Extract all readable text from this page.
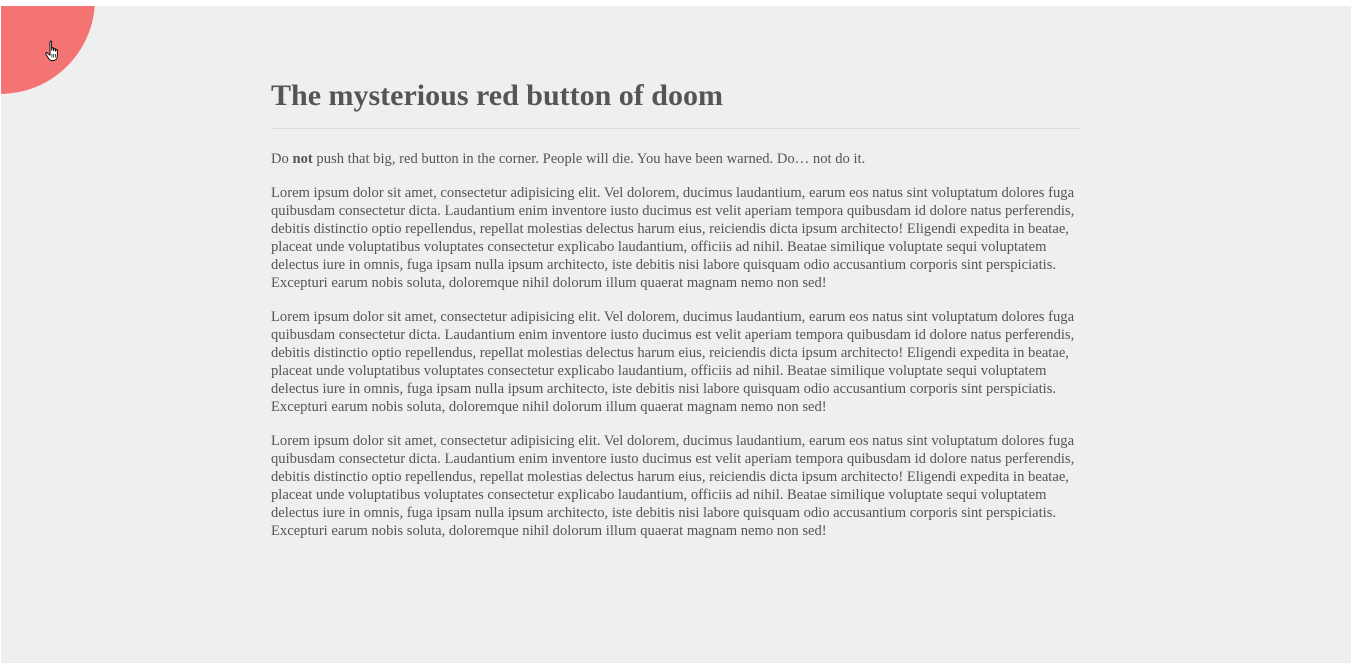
The mysterious red button of doom

Do not push that big, red button in the corner. People will die. You have been warned. Do… not do it.

Lorem ipsum dolor sit amet, consectetur adipisicing elit. Vel dolorem, ducimus laudantium, earum eos natus sint voluptatum dolores fuga quibusdam consectetur dicta. Laudantium enim inventore iusto ducimus est velit aperiam tempora quibusdam id dolore natus perferendis, debitis distinctio optio repellendus, repellat molestias delectus harum eius, reiciendis dicta ipsum architecto! Eligendi expedita in beatae, placeat unde voluptatibus voluptates consectetur explicabo laudantium, officiis ad nihil. Beatae similique voluptate sequi voluptatem delectus iure in omnis, fuga ipsam nulla ipsum architecto, iste debitis nisi labore quisquam odio accusantium corporis sint perspiciatis. Excepturi earum nobis soluta, doloremque nihil dolorum illum quaerat magnam nemo non sed!

Lorem ipsum dolor sit amet, consectetur adipisicing elit. Vel dolorem, ducimus laudantium, earum eos natus sint voluptatum dolores fuga quibusdam consectetur dicta. Laudantium enim inventore iusto ducimus est velit aperiam tempora quibusdam id dolore natus perferendis, debitis distinctio optio repellendus, repellat molestias delectus harum eius, reiciendis dicta ipsum architecto! Eligendi expedita in beatae, placeat unde voluptatibus voluptates consectetur explicabo laudantium, officiis ad nihil. Beatae similique voluptate sequi voluptatem delectus iure in omnis, fuga ipsam nulla ipsum architecto, iste debitis nisi labore quisquam odio accusantium corporis sint perspiciatis. Excepturi earum nobis soluta, doloremque nihil dolorum illum quaerat magnam nemo non sed!

Lorem ipsum dolor sit amet, consectetur adipisicing elit. Vel dolorem, ducimus laudantium, earum eos natus sint voluptatum dolores fuga quibusdam consectetur dicta. Laudantium enim inventore iusto ducimus est velit aperiam tempora quibusdam id dolore natus perferendis, debitis distinctio optio repellendus, repellat molestias delectus harum eius, reiciendis dicta ipsum architecto! Eligendi expedita in beatae, placeat unde voluptatibus voluptates consectetur explicabo laudantium, officiis ad nihil. Beatae similique voluptate sequi voluptatem delectus iure in omnis, fuga ipsam nulla ipsum architecto, iste debitis nisi labore quisquam odio accusantium corporis sint perspiciatis. Excepturi earum nobis soluta, doloremque nihil dolorum illum quaerat magnam nemo non sed!
